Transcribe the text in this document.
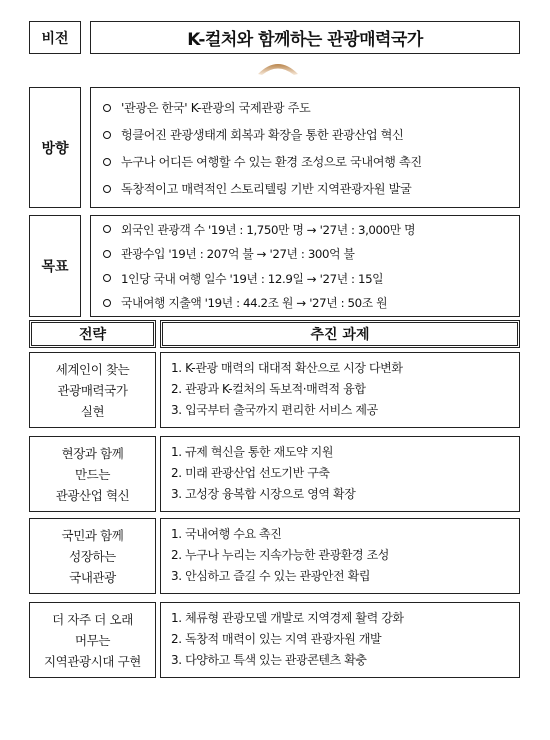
비전	K-컬처와 함께하는 관광매력국가
방향
'관광은 한국' K-관광의 국제관광 주도
헝클어진 관광생태계 회복과 확장을 통한 관광산업 혁신
누구나 어디든 여행할 수 있는 환경 조성으로 국내여행 촉진
독창적이고 매력적인 스토리텔링 기반 지역관광자원 발굴
목표
외국인 관광객 수 '19년 : 1,750만 명 → '27년 : 3,000만 명
관광수입 '19년 : 207억 불 → '27년 : 300억 불
1인당 국내 여행 일수 '19년 : 12.9일 → '27년 : 15일
국내여행 지출액 '19년 : 44.2조 원 → '27년 : 50조 원
전략	추진 과제
세계인이 찾는
관광매력국가
실현
1. K-관광 매력의 대대적 확산으로 시장 다변화
2. 관광과 K-컬처의 독보적·매력적 융합
3. 입국부터 출국까지 편리한 서비스 제공
현장과 함께
만드는
관광산업 혁신
1. 규제 혁신을 통한 재도약 지원
2. 미래 관광산업 선도기반 구축
3. 고성장 융복합 시장으로 영역 확장
국민과 함께
성장하는
국내관광
1. 국내여행 수요 촉진
2. 누구나 누리는 지속가능한 관광환경 조성
3. 안심하고 즐길 수 있는 관광안전 확립
더 자주 더 오래
머무는
지역관광시대 구현
1. 체류형 관광모델 개발로 지역경제 활력 강화
2. 독창적 매력이 있는 지역 관광자원 개발
3. 다양하고 특색 있는 관광콘텐츠 확충
